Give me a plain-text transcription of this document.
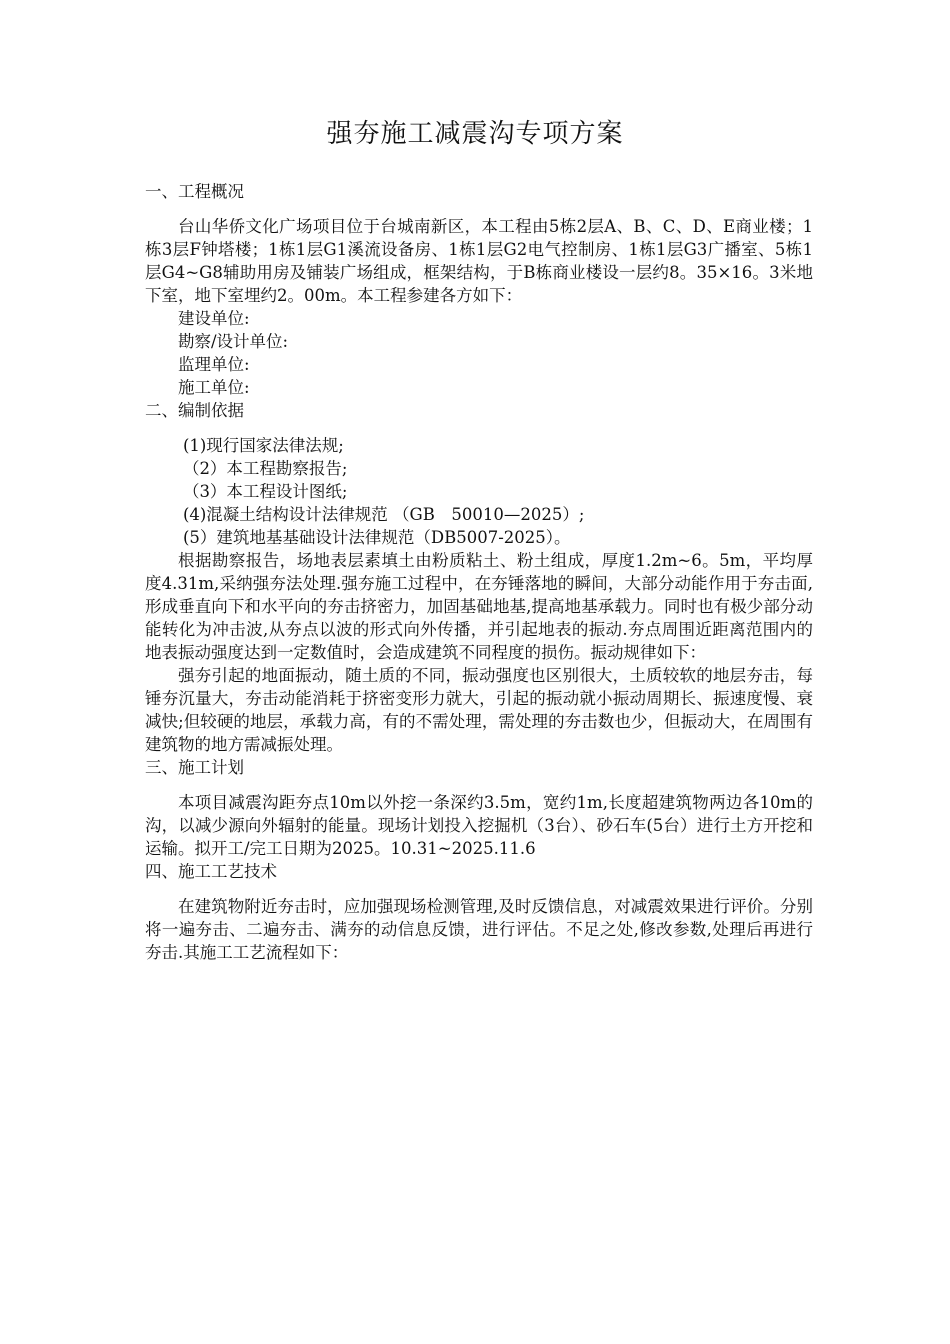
强夯施工减震沟专项方案

一、工程概况

台山华侨文化广场项目位于台城南新区，本工程由5栋2层A、B、C、D、E商业楼；1栋3层F钟塔楼；1栋1层G1溪流设备房、1栋1层G2电气控制房、1栋1层G3广播室、5栋1层G4~G8辅助用房及铺装广场组成，框架结构，于B栋商业楼设一层约8。35×16。3米地下室，地下室埋约2。00m。本工程参建各方如下：

建设单位:

勘察/设计单位:

监理单位:

施工单位:

二、编制依据

(1)现行国家法律法规;

（2）本工程勘察报告;

（3）本工程设计图纸;

(4)混凝土结构设计法律规范 （GB　50010—2025）;

(5）建筑地基基础设计法律规范（DB5007-2025）。

根据勘察报告，场地表层素填土由粉质粘土、粉土组成，厚度1.2m~6。5m，平均厚度4.31m,采纳强夯法处理.强夯施工过程中，在夯锤落地的瞬间，大部分动能作用于夯击面,形成垂直向下和水平向的夯击挤密力，加固基础地基,提高地基承载力。同时也有极少部分动能转化为冲击波,从夯点以波的形式向外传播，并引起地表的振动.夯点周围近距离范围内的地表振动强度达到一定数值时，会造成建筑不同程度的损伤。振动规律如下：

强夯引起的地面振动，随土质的不同，振动强度也区别很大，土质较软的地层夯击，每锤夯沉量大，夯击动能消耗于挤密变形力就大，引起的振动就小振动周期长、振速度慢、衰减快;但较硬的地层，承载力高，有的不需处理，需处理的夯击数也少，但振动大，在周围有建筑物的地方需减振处理。

三、施工计划

本项目减震沟距夯点10m以外挖一条深约3.5m，宽约1m,长度超建筑物两边各10m的沟，以减少源向外辐射的能量。现场计划投入挖掘机（3台）、砂石车(5台）进行土方开挖和运输。拟开工/完工日期为2025。10.31~2025.11.6

四、施工工艺技术

在建筑物附近夯击时，应加强现场检测管理,及时反馈信息，对减震效果进行评价。分别将一遍夯击、二遍夯击、满夯的动信息反馈，进行评估。不足之处,修改参数,处理后再进行夯击.其施工工艺流程如下：
